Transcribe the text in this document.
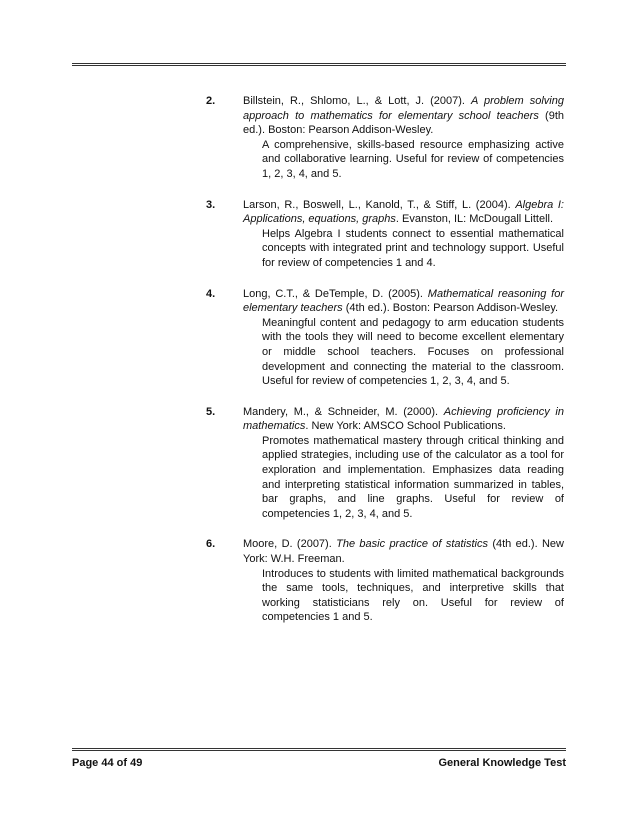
2.	Billstein, R., Shlomo, L., & Lott, J. (2007). A problem solving approach to mathematics for elementary school teachers (9th ed.). Boston: Pearson Addison-Wesley.
A comprehensive, skills-based resource emphasizing active and collaborative learning. Useful for review of competencies 1, 2, 3, 4, and 5.
3.	Larson, R., Boswell, L., Kanold, T., & Stiff, L. (2004). Algebra I: Applications, equations, graphs. Evanston, IL: McDougall Littell.
Helps Algebra I students connect to essential mathematical concepts with integrated print and technology support. Useful for review of competencies 1 and 4.
4.	Long, C.T., & DeTemple, D. (2005). Mathematical reasoning for elementary teachers (4th ed.). Boston: Pearson Addison-Wesley.
Meaningful content and pedagogy to arm education students with the tools they will need to become excellent elementary or middle school teachers. Focuses on professional development and connecting the material to the classroom. Useful for review of competencies 1, 2, 3, 4, and 5.
5.	Mandery, M., & Schneider, M. (2000). Achieving proficiency in mathematics. New York: AMSCO School Publications.
Promotes mathematical mastery through critical thinking and applied strategies, including use of the calculator as a tool for exploration and implementation. Emphasizes data reading and interpreting statistical information summarized in tables, bar graphs, and line graphs. Useful for review of competencies 1, 2, 3, 4, and 5.
6.	Moore, D. (2007). The basic practice of statistics (4th ed.). New York: W.H. Freeman.
Introduces to students with limited mathematical backgrounds the same tools, techniques, and interpretive skills that working statisticians rely on. Useful for review of competencies 1 and 5.
Page 44 of 49	General Knowledge Test
